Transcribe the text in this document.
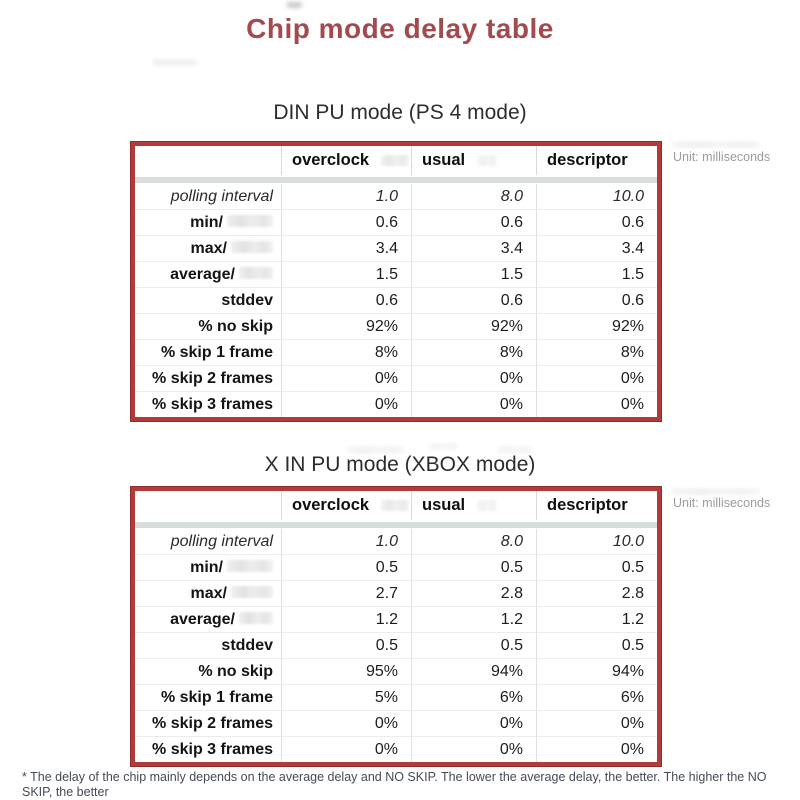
Chip mode delay table
DIN PU mode (PS 4 mode)
	overclock	usual	descriptor

polling interval	1.0	8.0	10.0
min/	0.6	0.6	0.6
max/	3.4	3.4	3.4
average/	1.5	1.5	1.5
stddev	0.6	0.6	0.6
% no skip	92%	92%	92%
% skip 1 frame	8%	8%	8%
% skip 2 frames	0%	0%	0%
% skip 3 frames	0%	0%	0%
Unit: milliseconds
X IN PU mode (XBOX mode)
	overclock	usual	descriptor

polling interval	1.0	8.0	10.0
min/	0.5	0.5	0.5
max/	2.7	2.8	2.8
average/	1.2	1.2	1.2
stddev	0.5	0.5	0.5
% no skip	95%	94%	94%
% skip 1 frame	5%	6%	6%
% skip 2 frames	0%	0%	0%
% skip 3 frames	0%	0%	0%
Unit: milliseconds
* The delay of the chip mainly depends on the average delay and NO SKIP. The lower the average delay, the better. The higher the NO SKIP, the better
